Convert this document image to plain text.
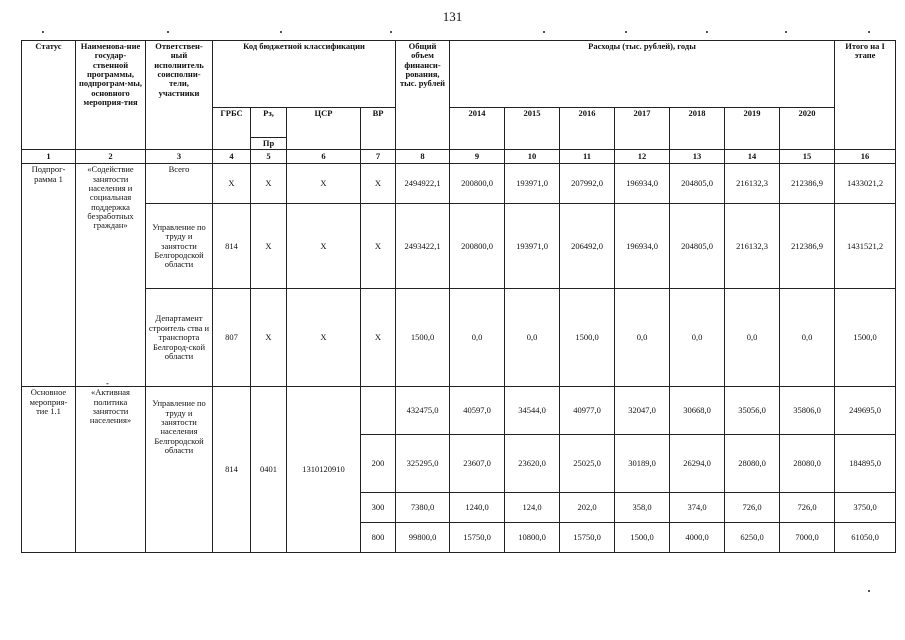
131
Статус	Наименова-ние государ-ственной программы, подпрограм-мы, основного мероприя-тия	Ответствен-ный исполнитель соисполни-тели, участники	Код бюджетной классификации				Общий объем финанси-рования, тыс. рублей	Расходы (тыс. рублей), годы							Итого на I этапе
			ГРБС	Рз,	ЦСР	ВР		2014	2015	2016	2017	2018	2019	2020	
				Пр											
1	2	3	4	5	6	7	8	9	10	11	12	13	14	15	16
Подпрог-рамма 1	«Содействие занятости населения и социальная поддержка безработных граждан»	Всего	X	X	X	X	2494922,1	200800,0	193971,0	207992,0	196934,0	204805,0	216132,3	212386,9	1433021,2
		Управление по труду и занятости Белгородской области	814	X	X	X	2493422,1	200800,0	193971,0	206492,0	196934,0	204805,0	216132,3	212386,9	1431521,2
		Департамент строитель ства и транспорта Белгород-ской области	807	X	X	X	1500,0	0,0	0,0	1500,0	0,0	0,0	0,0	0,0	1500,0
Основное мероприя-тие 1.1	«Активная политика занятости населения»	Управление по труду и занятости населения Белгородской области	814	0401	1310120910		432475,0	40597,0	34544,0	40977,0	32047,0	30668,0	35056,0	35806,0	249695,0
						200	325295,0	23607,0	23620,0	25025,0	30189,0	26294,0	28080,0	28080,0	184895,0
						300	7380,0	1240,0	124,0	202,0	358,0	374,0	726,0	726,0	3750,0
						800	99800,0	15750,0	10800,0	15750,0	1500,0	4000,0	6250,0	7000,0	61050,0
-
